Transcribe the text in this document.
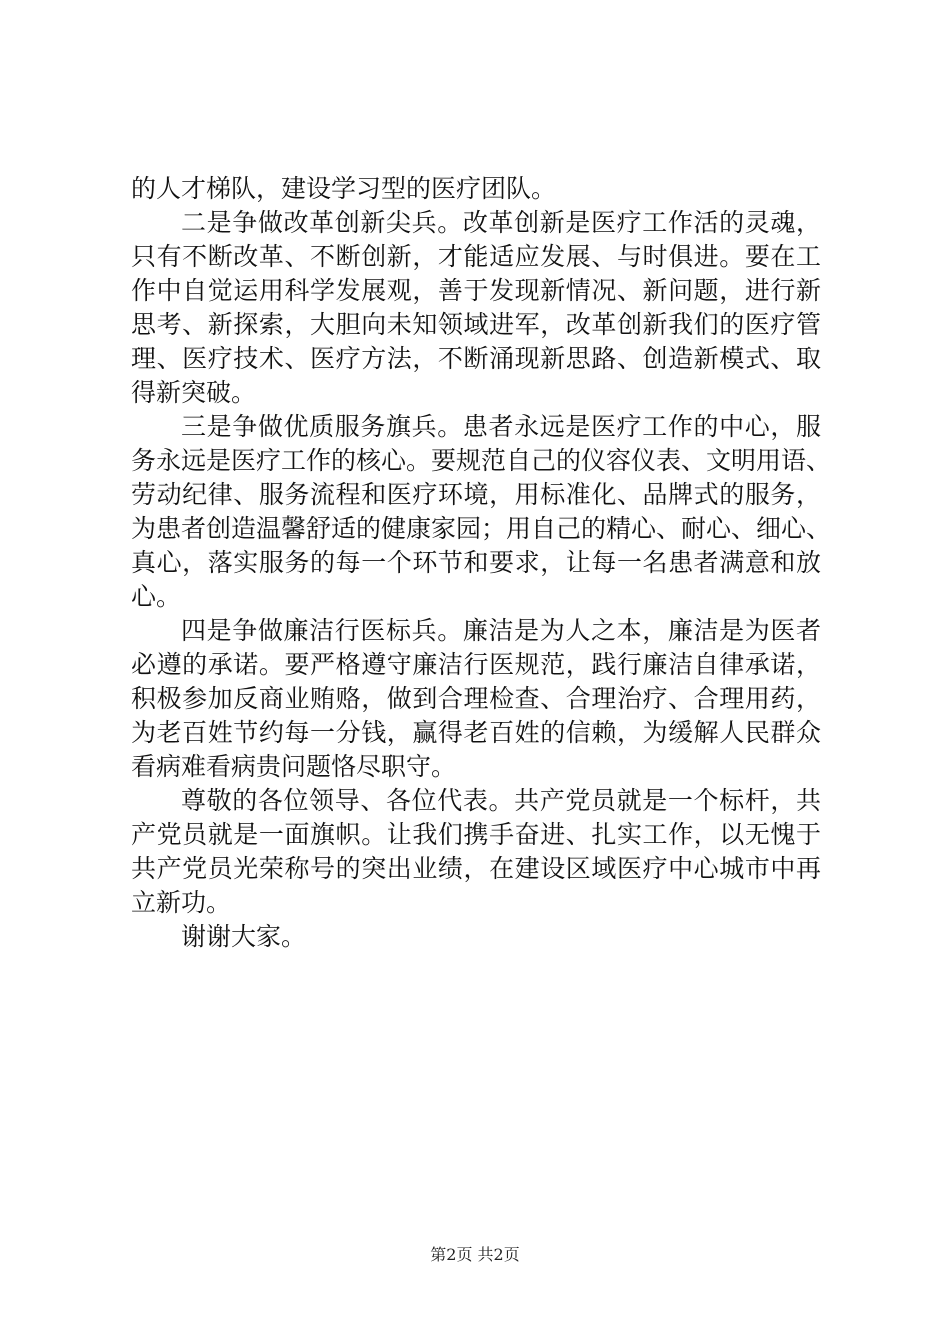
的人才梯队，建设学习型的医疗团队。
二是争做改革创新尖兵。改革创新是医疗工作活的灵魂，
只有不断改革、不断创新，才能适应发展、与时俱进。要在工
作中自觉运用科学发展观，善于发现新情况、新问题，进行新
思考、新探索，大胆向未知领域进军，改革创新我们的医疗管
理、医疗技术、医疗方法，不断涌现新思路、创造新模式、取
得新突破。
三是争做优质服务旗兵。患者永远是医疗工作的中心，服
务永远是医疗工作的核心。要规范自己的仪容仪表、文明用语、
劳动纪律、服务流程和医疗环境，用标准化、品牌式的服务，
为患者创造温馨舒适的健康家园；用自己的精心、耐心、细心、
真心，落实服务的每一个环节和要求，让每一名患者满意和放
心。
四是争做廉洁行医标兵。廉洁是为人之本，廉洁是为医者
必遵的承诺。要严格遵守廉洁行医规范，践行廉洁自律承诺，
积极参加反商业贿赂，做到合理检查、合理治疗、合理用药，
为老百姓节约每一分钱，赢得老百姓的信赖，为缓解人民群众
看病难看病贵问题恪尽职守。
尊敬的各位领导、各位代表。共产党员就是一个标杆，共
产党员就是一面旗帜。让我们携手奋进、扎实工作，以无愧于
共产党员光荣称号的突出业绩，在建设区域医疗中心城市中再
立新功。
谢谢大家。
第2页 共2页
